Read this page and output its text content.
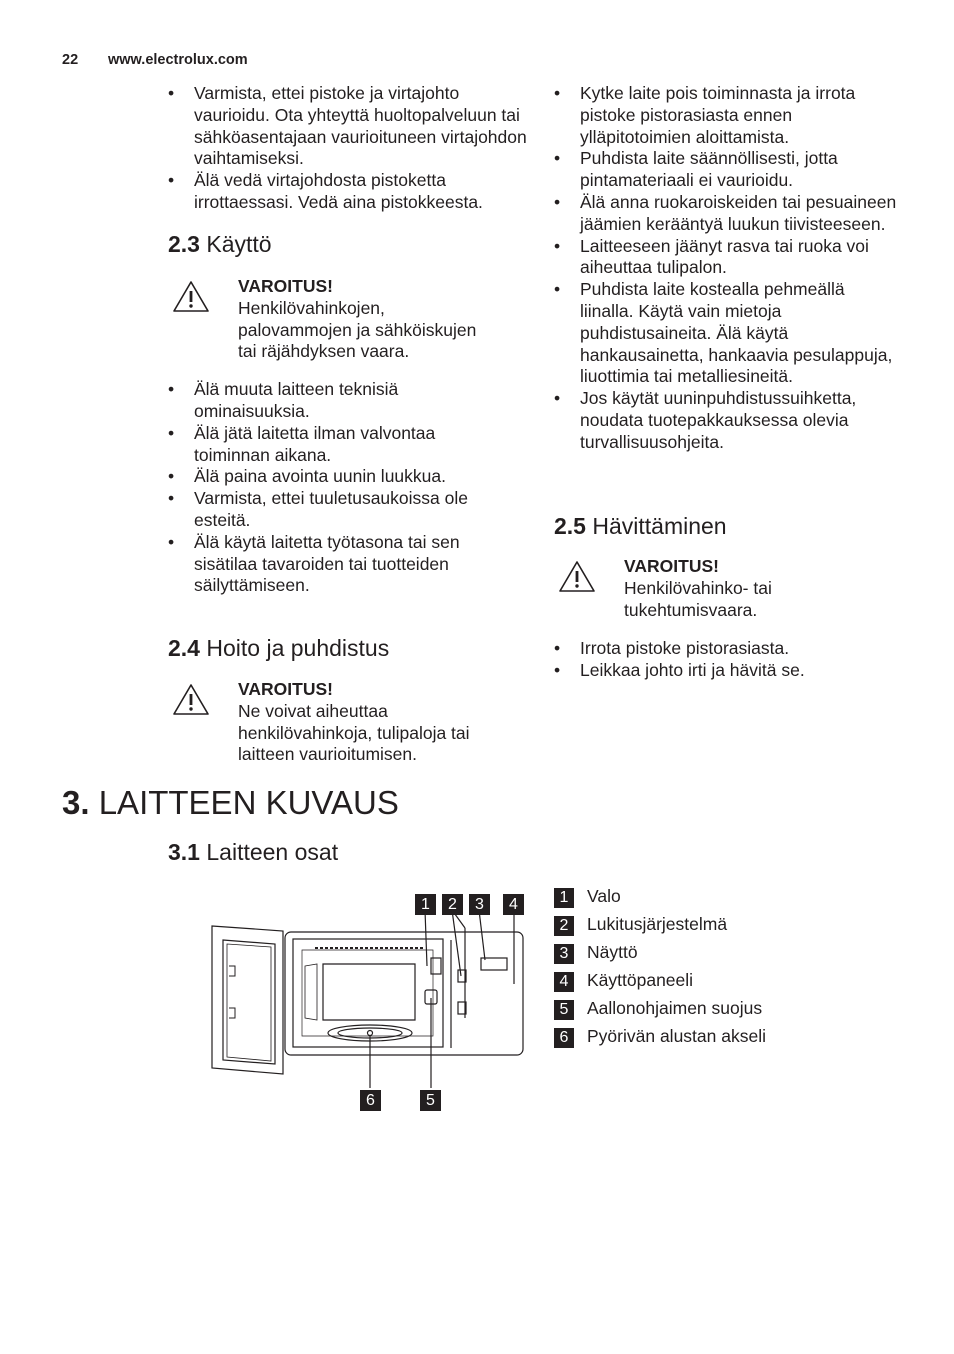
22 www.electrolux.com
• Varmista, ettei pistoke ja virtajohto vaurioidu. Ota yhteyttä huoltopalveluun tai sähköasentajaan vaurioituneen virtajohdon vaihtamiseksi.
• Älä vedä virtajohdosta pistoketta irrottaessasi. Vedä aina pistokkeesta.
2.3 Käyttö
VAROITUS!
Henkilövahinkojen, palovammojen ja sähköiskujen tai räjähdyksen vaara.
• Älä muuta laitteen teknisiä ominaisuuksia.
• Älä jätä laitetta ilman valvontaa toiminnan aikana.
• Älä paina avointa uunin luukkua.
• Varmista, ettei tuuletusaukoissa ole esteitä.
• Älä käytä laitetta työtasona tai sen sisätilaa tavaroiden tai tuotteiden säilyttämiseen.
2.4 Hoito ja puhdistus
VAROITUS!
Ne voivat aiheuttaa henkilövahinkoja, tulipaloja tai laitteen vaurioitumisen.
• Kytke laite pois toiminnasta ja irrota pistoke pistorasiasta ennen ylläpitotoimien aloittamista.
• Puhdista laite säännöllisesti, jotta pintamateriaali ei vaurioidu.
• Älä anna ruokaroiskeiden tai pesuaineen jäämien kerääntyä luukun tiivisteeseen.
• Laitteeseen jäänyt rasva tai ruoka voi aiheuttaa tulipalon.
• Puhdista laite kostealla pehmeällä liinalla. Käytä vain mietoja puhdistusaineita. Älä käytä hankausainetta, hankaavia pesulappuja, liuottimia tai metalliesineitä.
• Jos käytät uuninpuhdistussuihketta, noudata tuotepakkauksessa olevia turvallisuusohjeita.
2.5 Hävittäminen
VAROITUS!
Henkilövahinko- tai tukehtumisvaara.
• Irrota pistoke pistorasiasta.
• Leikkaa johto irti ja hävitä se.
3. LAITTEEN KUVAUS
3.1 Laitteen osat
1	2	3	4
5
6
1	Valo
2	Lukitusjärjestelmä
3	Näyttö
4	Käyttöpaneeli
5	Aallonohjaimen suojus
6	Pyörivän alustan akseli
